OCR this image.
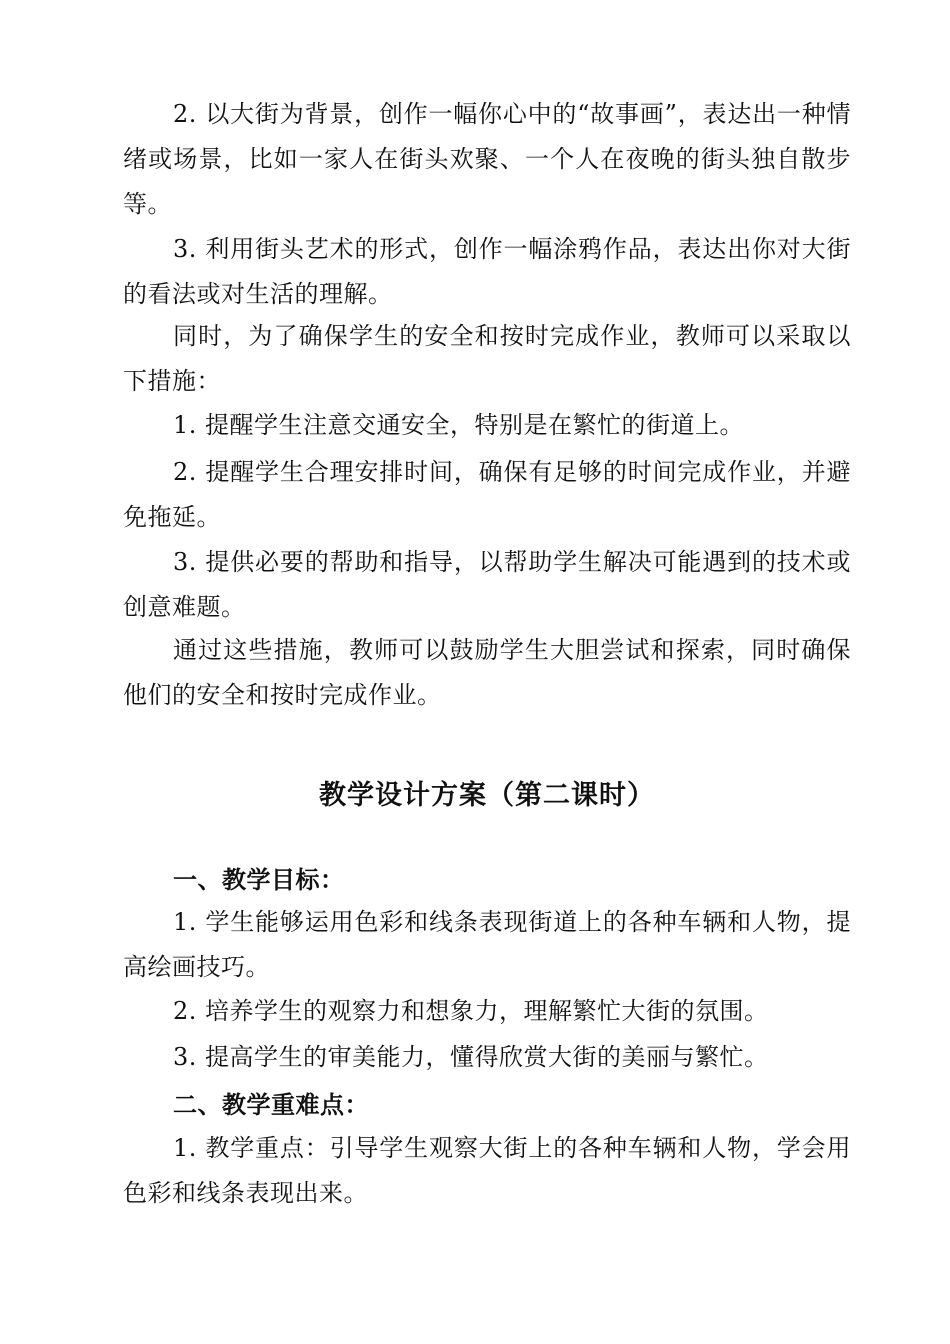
2. 以大街为背景，创作一幅你心中的“故事画”，表达出一种情绪或场景，比如一家人在街头欢聚、一个人在夜晚的街头独自散步等。

3. 利用街头艺术的形式，创作一幅涂鸦作品，表达出你对大街的看法或对生活的理解。

同时，为了确保学生的安全和按时完成作业，教师可以采取以下措施：

1. 提醒学生注意交通安全，特别是在繁忙的街道上。

2. 提醒学生合理安排时间，确保有足够的时间完成作业，并避免拖延。

3. 提供必要的帮助和指导，以帮助学生解决可能遇到的技术或创意难题。

通过这些措施，教师可以鼓励学生大胆尝试和探索，同时确保他们的安全和按时完成作业。

教学设计方案（第二课时）
一、教学目标：

1. 学生能够运用色彩和线条表现街道上的各种车辆和人物，提高绘画技巧。

2. 培养学生的观察力和想象力，理解繁忙大街的氛围。

3. 提高学生的审美能力，懂得欣赏大街的美丽与繁忙。

二、教学重难点：

1. 教学重点：引导学生观察大街上的各种车辆和人物，学会用色彩和线条表现出来。
